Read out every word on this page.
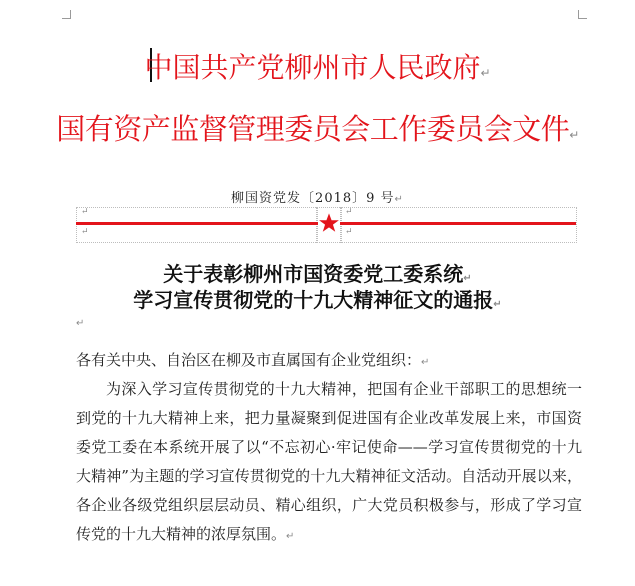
中国共产党柳州市人民政府↵
国有资产监督管理委员会工作委员会文件↵
柳国资党发〔2018〕9 号↵
↵
↵
↵
↵
关于表彰柳州市国资委党工委系统↵
学习宣传贯彻党的十九大精神征文的通报↵
↵
各有关中央、自治区在柳及市直属国有企业党组织：↵
为深入学习宣传贯彻党的十九大精神，把国有企业干部职工的思想统一到党的十九大精神上来，把力量凝聚到促进国有企业改革发展上来，市国资委党工委在本系统开展了以“不忘初心·牢记使命——学习宣传贯彻党的十九大精神”为主题的学习宣传贯彻党的十九大精神征文活动。自活动开展以来，各企业各级党组织层层动员、精心组织，广大党员积极参与，形成了学习宣传党的十九大精神的浓厚氛围。↵
